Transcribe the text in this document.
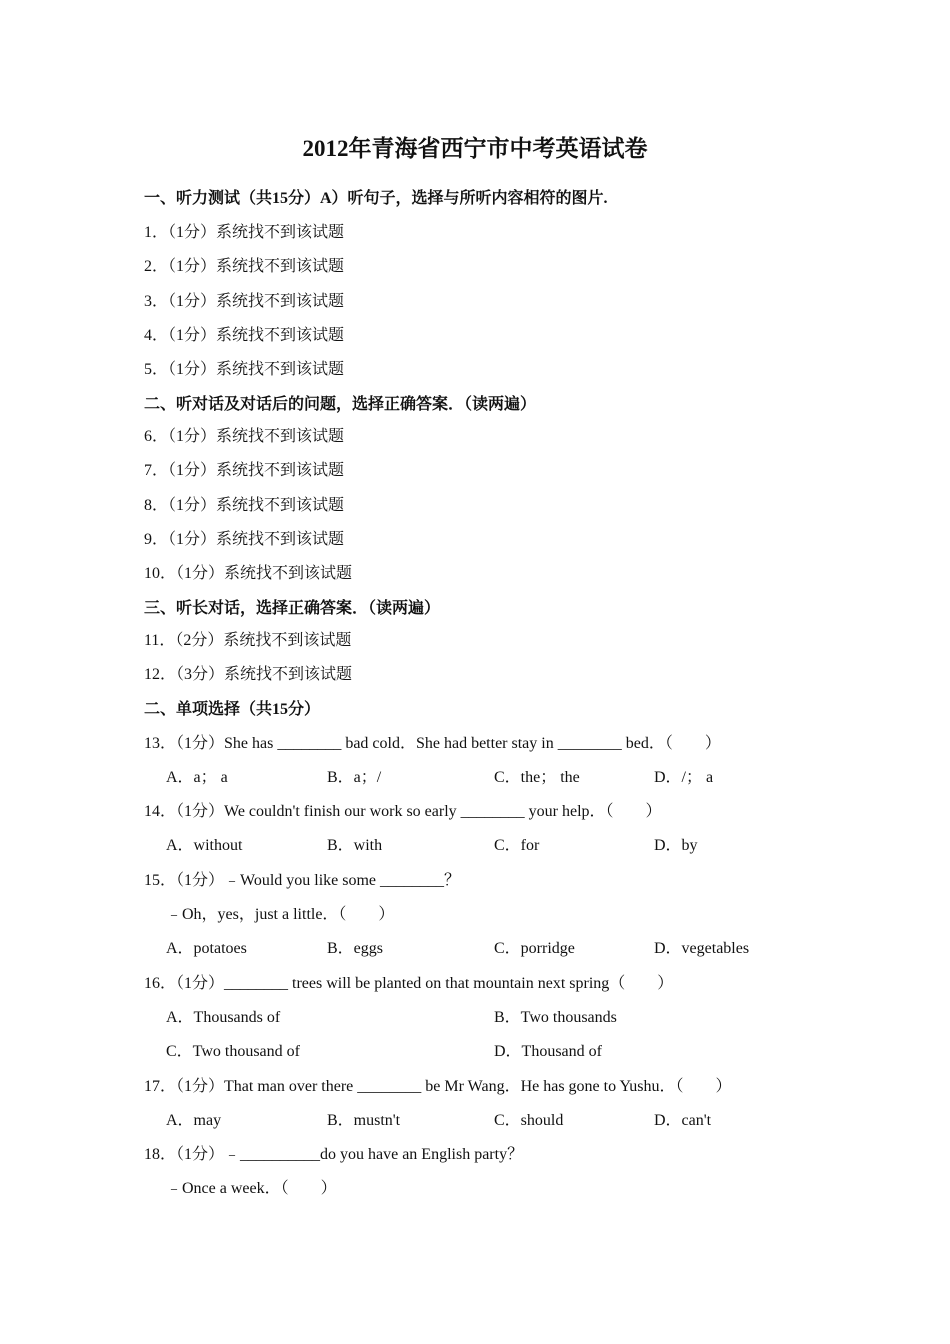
2012年青海省西宁市中考英语试卷
一、听力测试（共15分）A）听句子，选择与所听内容相符的图片.
1．（1分）系统找不到该试题
2．（1分）系统找不到该试题
3．（1分）系统找不到该试题
4．（1分）系统找不到该试题
5．（1分）系统找不到该试题
二、听对话及对话后的问题，选择正确答案．（读两遍）
6．（1分）系统找不到该试题
7．（1分）系统找不到该试题
8．（1分）系统找不到该试题
9．（1分）系统找不到该试题
10．（1分）系统找不到该试题
三、听长对话，选择正确答案．（读两遍）
11．（2分）系统找不到该试题
12．（3分）系统找不到该试题
二、单项选择（共15分）
13．（1分）She has ________ bad cold．She had better stay in ________ bed．（　　）
A．a； a	B．a；/	C．the； the	D．/； a
14．（1分）We couldn't finish our work so early ________ your help．（　　）
A．without	B．with	C．for	D．by
15．（1分）﹣Would you like some ________？
﹣Oh，yes，just a little．（　　）
A．potatoes	B．eggs	C．porridge	D．vegetables
16．（1分）________ trees will be planted on that mountain next spring（　　）
A．Thousands of	B．Two thousands
C．Two thousand of	D．Thousand of
17．（1分）That man over there ________ be Mr Wang．He has gone to Yushu．（　　）
A．may	B．mustn't	C．should	D．can't
18．（1分）﹣__________do you have an English party？
﹣Once a week．（　　）
